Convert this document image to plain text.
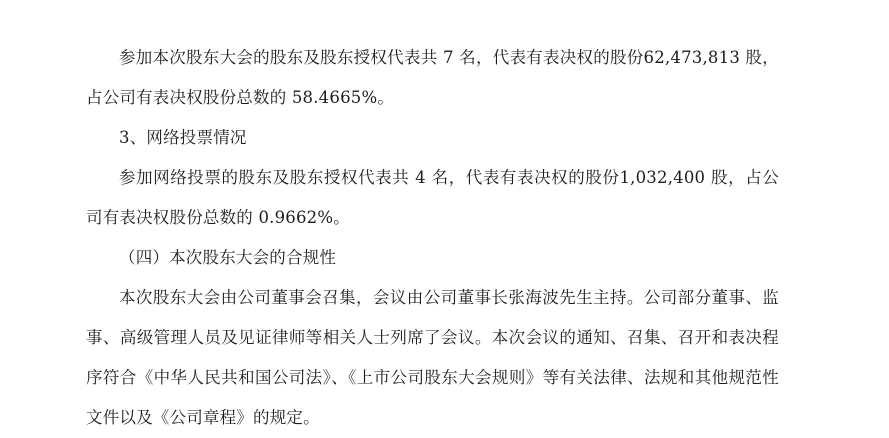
参加本次股东大会的股东及股东授权代表共 7 名，代表有表决权的股份62,473,813 股，占公司有表决权股份总数的 58.4665%。

3、网络投票情况

参加网络投票的股东及股东授权代表共 4 名，代表有表决权的股份1,032,400 股，占公司有表决权股份总数的 0.9662%。

（四）本次股东大会的合规性

本次股东大会由公司董事会召集，会议由公司董事长张海波先生主持。公司部分董事、监事、高级管理人员及见证律师等相关人士列席了会议。本次会议的通知、召集、召开和表决程序符合《中华人民共和国公司法》、《上市公司股东大会规则》等有关法律、法规和其他规范性文件以及《公司章程》的规定。
